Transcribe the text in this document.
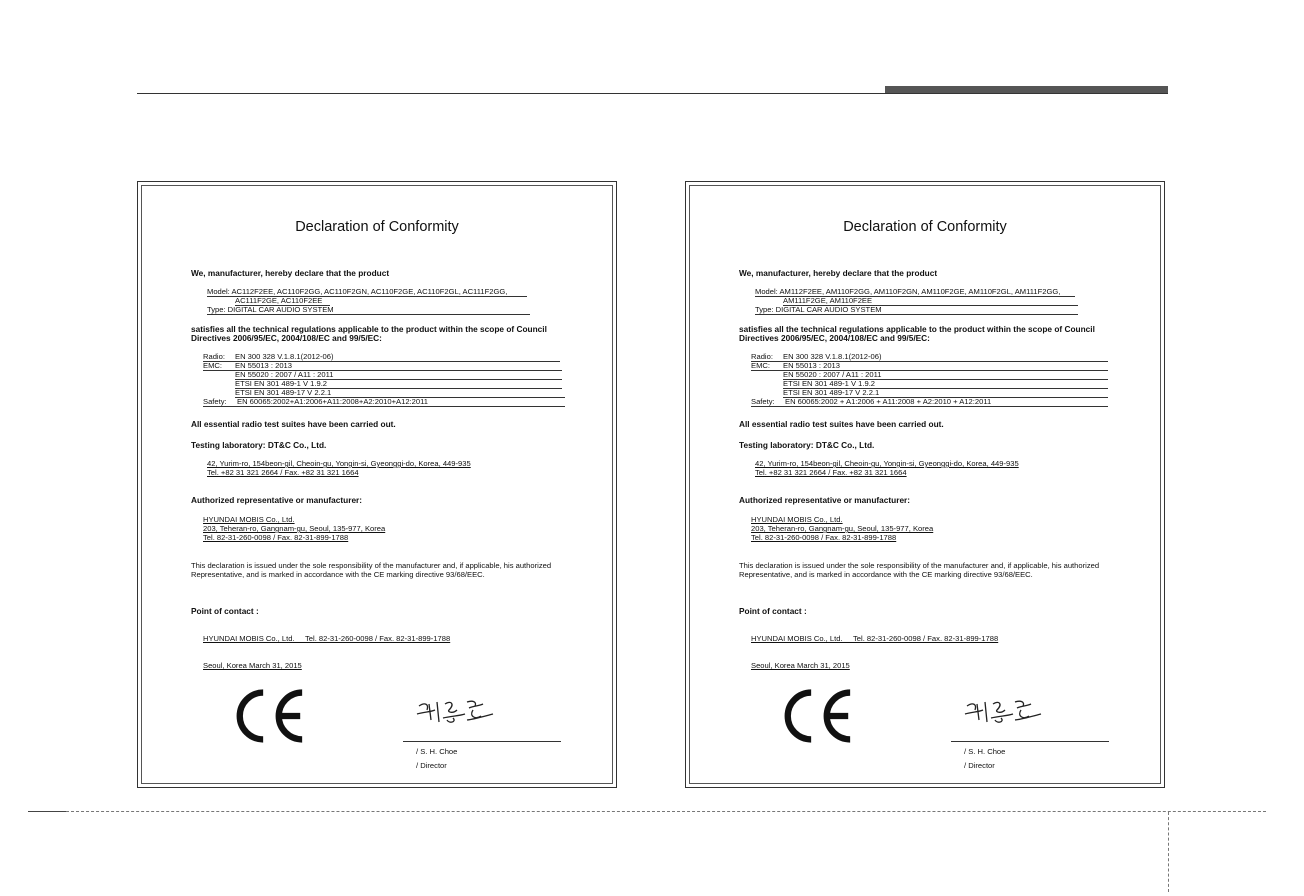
Declaration of Conformity
We, manufacturer, hereby declare that the product
Model: AC112F2EE, AC110F2GG, AC110F2GN, AC110F2GE, AC110F2GL, AC111F2GG,
AC111F2GE, AC110F2EE
Type: DIGITAL CAR AUDIO SYSTEM
satisfies all the technical regulations applicable to the product within the scope of Council
Directives 2006/95/EC, 2004/108/EC and 99/5/EC:
Radio: EN 300 328 V.1.8.1(2012-06)
EMC: EN 55013 : 2013
EN 55020 : 2007 / A11 : 2011
ETSI EN 301 489-1 V 1.9.2
ETSI EN 301 489-17 V 2.2.1
Safety: EN 60065:2002+A1:2006+A11:2008+A2:2010+A12:2011
All essential radio test suites have been carried out.
Testing laboratory: DT&C Co., Ltd.
42, Yurim-ro, 154beon-gil, Cheoin-gu, Yongin-si, Gyeonggi-do, Korea, 449-935
Tel. +82 31 321 2664 / Fax. +82 31 321 1664
Authorized representative or manufacturer:
HYUNDAI MOBIS Co., Ltd.
203, Teheran-ro, Gangnam-gu, Seoul, 135-977, Korea
Tel. 82-31-260-0098 / Fax. 82-31-899-1788
This declaration is issued under the sole responsibility of the manufacturer and, if applicable, his authorized
Representative, and is marked in accordance with the CE marking directive 93/68/EEC.
Point of contact :
HYUNDAI MOBIS Co., Ltd.     Tel. 82-31-260-0098 / Fax. 82-31-899-1788
Seoul, Korea March 31, 2015
/ S. H. Choe
/ Director
Declaration of Conformity
We, manufacturer, hereby declare that the product
Model: AM112F2EE, AM110F2GG, AM110F2GN, AM110F2GE, AM110F2GL, AM111F2GG,
AM111F2GE, AM110F2EE
Type: DIGITAL CAR AUDIO SYSTEM
satisfies all the technical regulations applicable to the product within the scope of Council
Directives 2006/95/EC, 2004/108/EC and 99/5/EC:
Radio: EN 300 328 V.1.8.1(2012-06)
EMC: EN 55013 : 2013
EN 55020 : 2007 / A11 : 2011
ETSI EN 301 489-1 V 1.9.2
ETSI EN 301 489-17 V 2.2.1
Safety: EN 60065:2002 + A1:2006 + A11:2008 + A2:2010 + A12:2011
All essential radio test suites have been carried out.
Testing laboratory: DT&C Co., Ltd.
42, Yurim-ro, 154beon-gil, Cheoin-gu, Yongin-si, Gyeonggi-do, Korea, 449-935
Tel. +82 31 321 2664 / Fax. +82 31 321 1664
Authorized representative or manufacturer:
HYUNDAI MOBIS Co., Ltd.
203, Teheran-ro, Gangnam-gu, Seoul, 135-977, Korea
Tel. 82-31-260-0098 / Fax. 82-31-899-1788
This declaration is issued under the sole responsibility of the manufacturer and, if applicable, his authorized
Representative, and is marked in accordance with the CE marking directive 93/68/EEC.
Point of contact :
HYUNDAI MOBIS Co., Ltd.     Tel. 82-31-260-0098 / Fax. 82-31-899-1788
Seoul, Korea March 31, 2015
/ S. H. Choe
/ Director
